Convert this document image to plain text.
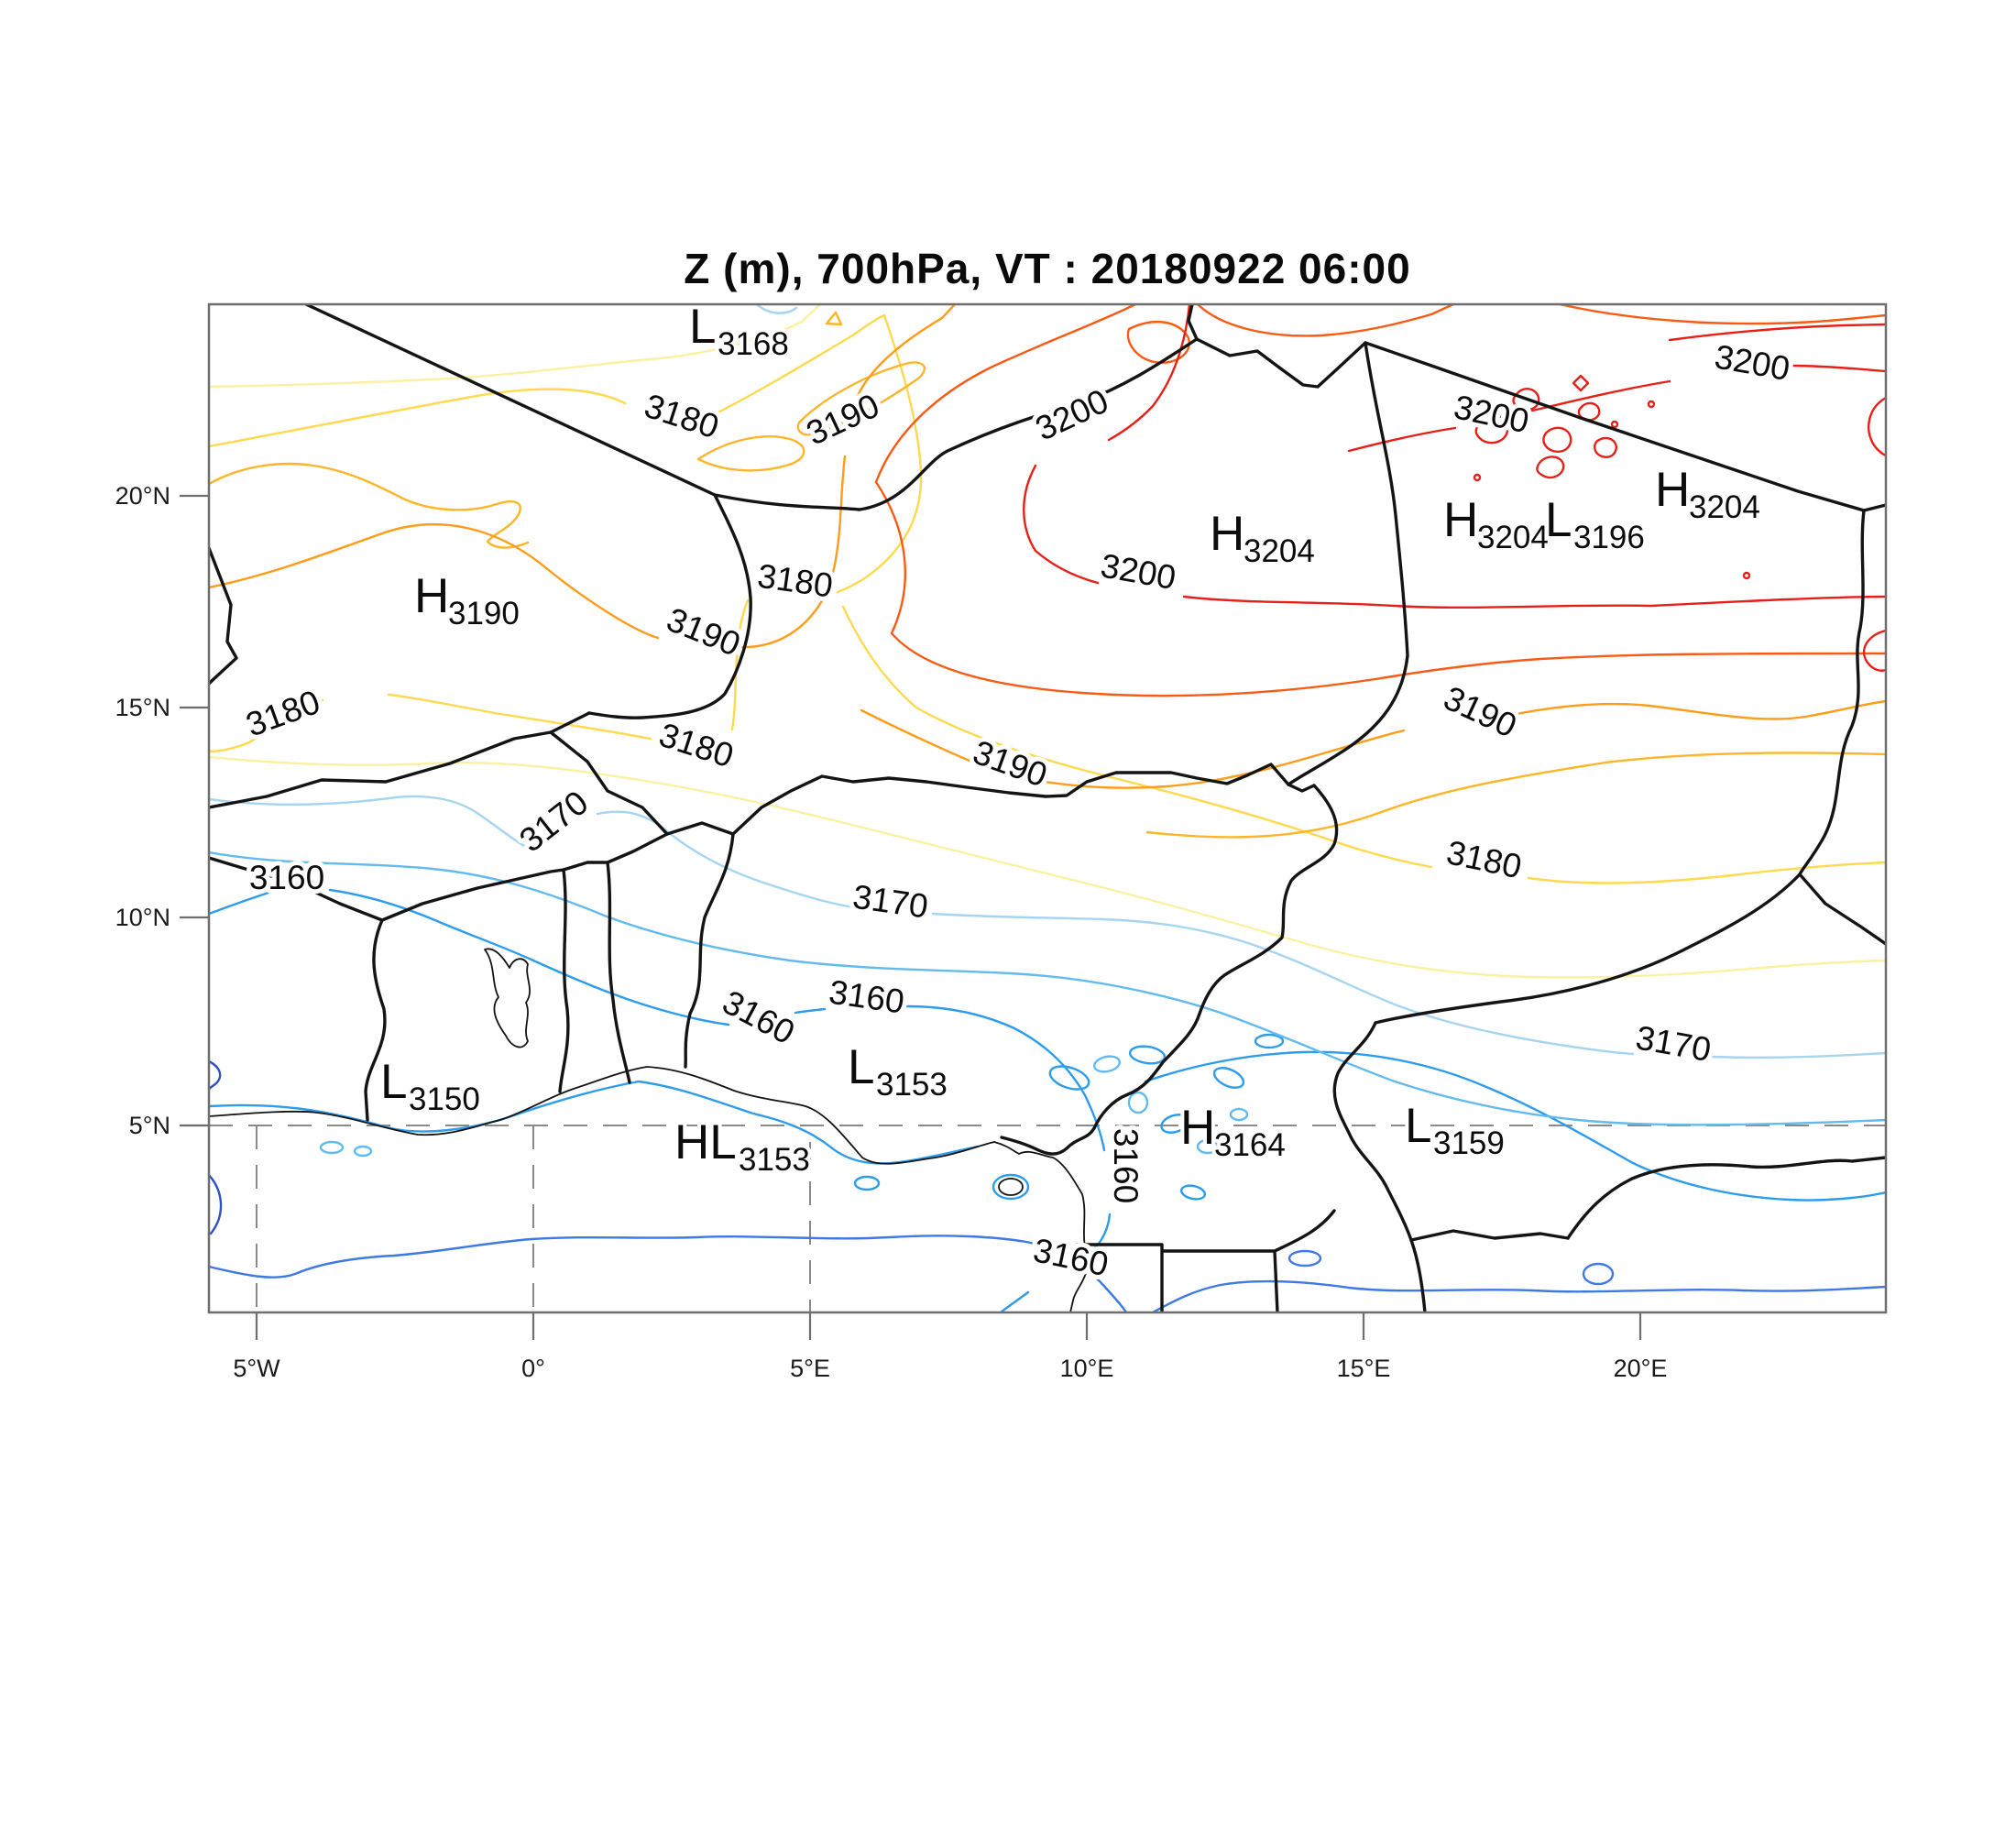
Z (m), 700hPa, VT : 20180922 06:00
20°N
15°N
10°N
5°N
5°W	0°	5°E	10°E	15°E	20°E
3180 3190	3200	3200
3200
3200
3190
3180
3180
3180
3190
3190
3180
3170
3170
3170
3160
3160 3160
3160
3160
L 3168
H
3190
H
3204
H
3204
L 3196
H
3204
L 3150
HL 3153
L 3153
H
3164 L 3159
